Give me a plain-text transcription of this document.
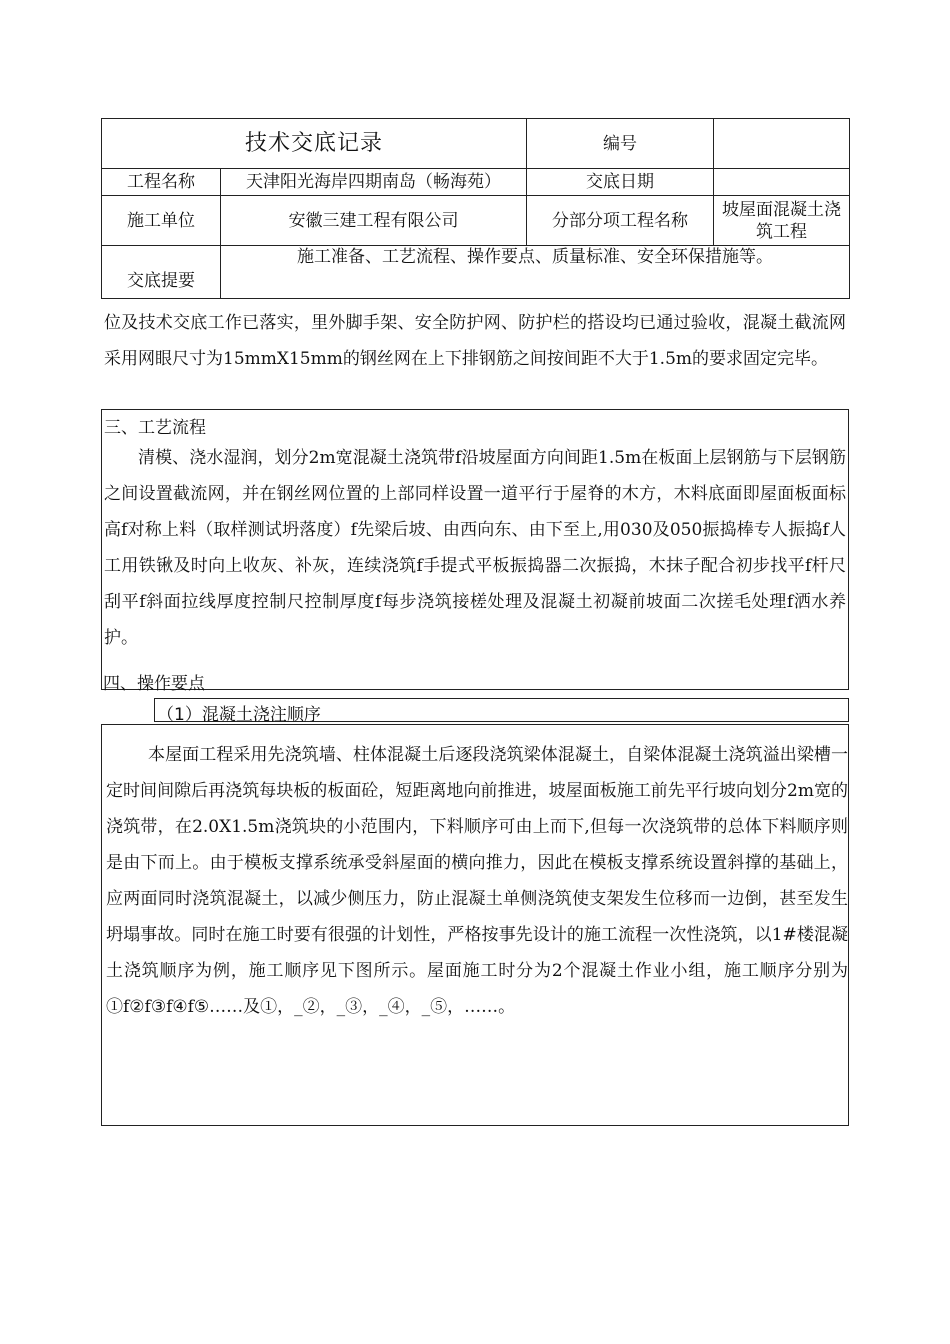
技术交底记录		编号	
工程名称	天津阳光海岸四期南岛（畅海苑）	交底日期	
施工单位	安徽三建工程有限公司	分部分项工程名称	坡屋面混凝土浇筑工程
交底提要	施工准备、工艺流程、操作要点、质量标准、安全环保措施等。		
位及技术交底工作已落实，里外脚手架、安全防护网、防护栏的搭设均已通过验收，混凝土截流网采用网眼尺寸为15mmX15mm的钢丝网在上下排钢筋之间按间距不大于1.5m的要求固定完毕。
三、工艺流程
清模、浇水湿润，划分2m宽混凝土浇筑带f沿坡屋面方向间距1.5m在板面上层钢筋与下层钢筋之间设置截流网，并在钢丝网位置的上部同样设置一道平行于屋脊的木方，木料底面即屋面板面标高f对称上料（取样测试坍落度）f先梁后坡、由西向东、由下至上,用030及050振捣棒专人振捣f人工用铁锹及时向上收灰、补灰，连续浇筑f手提式平板振捣器二次振捣，木抹子配合初步找平f杆尺刮平f斜面拉线厚度控制尺控制厚度f每步浇筑接槎处理及混凝土初凝前坡面二次搓毛处理f洒水养护。
四、操作要点
（1）混凝土浇注顺序
本屋面工程采用先浇筑墙、柱体混凝土后逐段浇筑梁体混凝土，自梁体混凝土浇筑溢出梁槽一定时间间隙后再浇筑每块板的板面砼，短距离地向前推进，坡屋面板施工前先平行坡向划分2m宽的浇筑带，在2.0X1.5m浇筑块的小范围内，下料顺序可由上而下,但每一次浇筑带的总体下料顺序则是由下而上。由于模板支撑系统承受斜屋面的横向推力，因此在模板支撑系统设置斜撑的基础上，应两面同时浇筑混凝土，以减少侧压力，防止混凝土单侧浇筑使支架发生位移而一边倒，甚至发生坍塌事故。同时在施工时要有很强的计划性，严格按事先设计的施工流程一次性浇筑，以1#楼混凝土浇筑顺序为例，施工顺序见下图所示。屋面施工时分为2个混凝土作业小组，施工顺序分别为①f②f③f④f⑤……及①，_②，_③，_④，_⑤，……。
